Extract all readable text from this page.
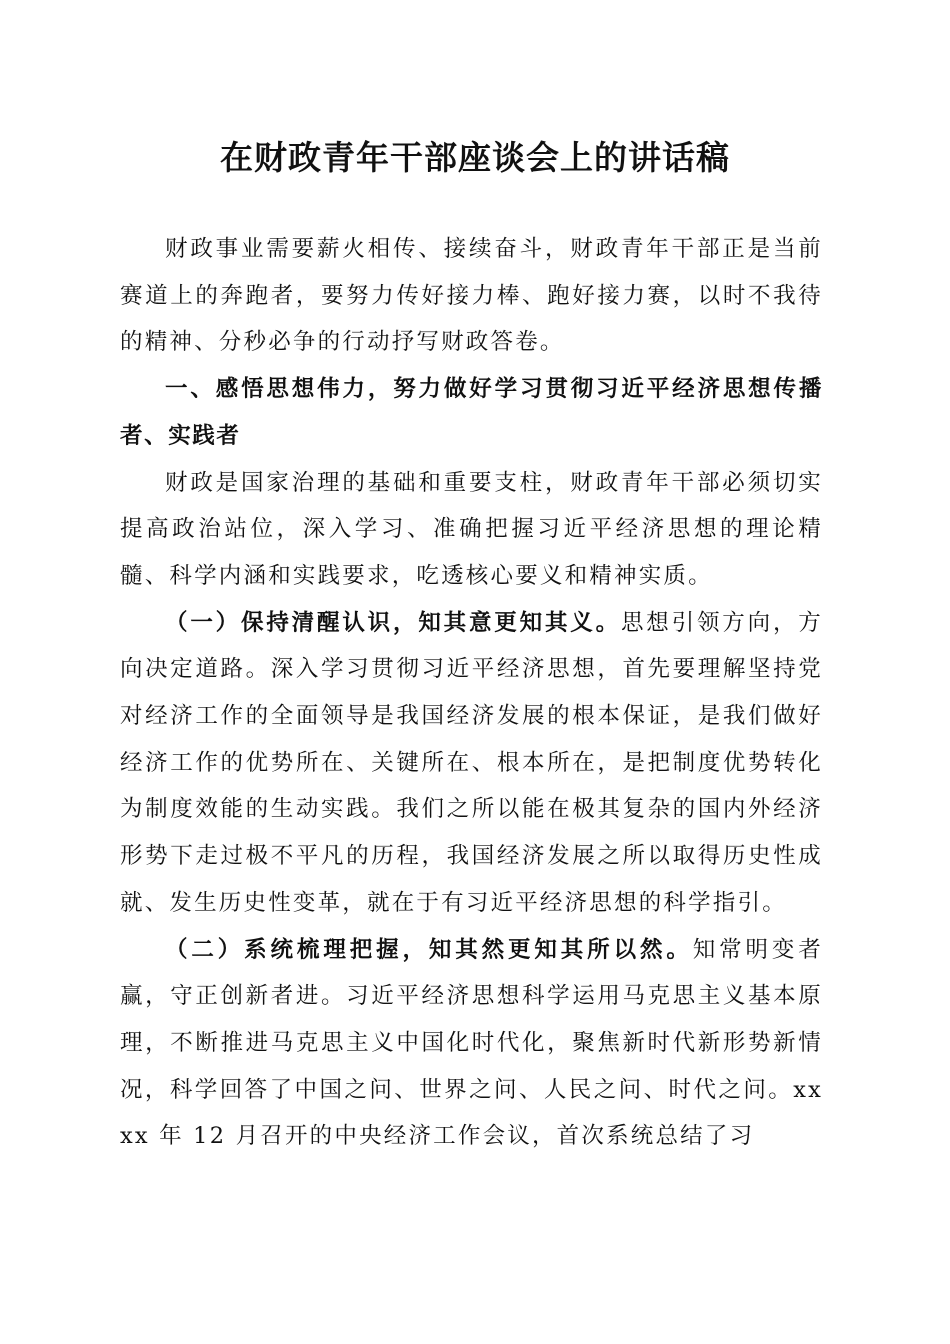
在财政青年干部座谈会上的讲话稿

财政事业需要薪火相传、接续奋斗，财政青年干部正是当前赛道上的奔跑者，要努力传好接力棒、跑好接力赛，以时不我待的精神、分秒必争的行动抒写财政答卷。

一、感悟思想伟力，努力做好学习贯彻习近平经济思想传播者、实践者

财政是国家治理的基础和重要支柱，财政青年干部必须切实提高政治站位，深入学习、准确把握习近平经济思想的理论精髓、科学内涵和实践要求，吃透核心要义和精神实质。

（一）保持清醒认识，知其意更知其义。思想引领方向，方向决定道路。深入学习贯彻习近平经济思想，首先要理解坚持党对经济工作的全面领导是我国经济发展的根本保证，是我们做好经济工作的优势所在、关键所在、根本所在，是把制度优势转化为制度效能的生动实践。我们之所以能在极其复杂的国内外经济形势下走过极不平凡的历程，我国经济发展之所以取得历史性成就、发生历史性变革，就在于有习近平经济思想的科学指引。

（二）系统梳理把握，知其然更知其所以然。知常明变者赢，守正创新者进。习近平经济思想科学运用马克思主义基本原理，不断推进马克思主义中国化时代化，聚焦新时代新形势新情况，科学回答了中国之问、世界之问、人民之问、时代之问。xxxx 年 12 月召开的中央经济工作会议，首次系统总结了习
